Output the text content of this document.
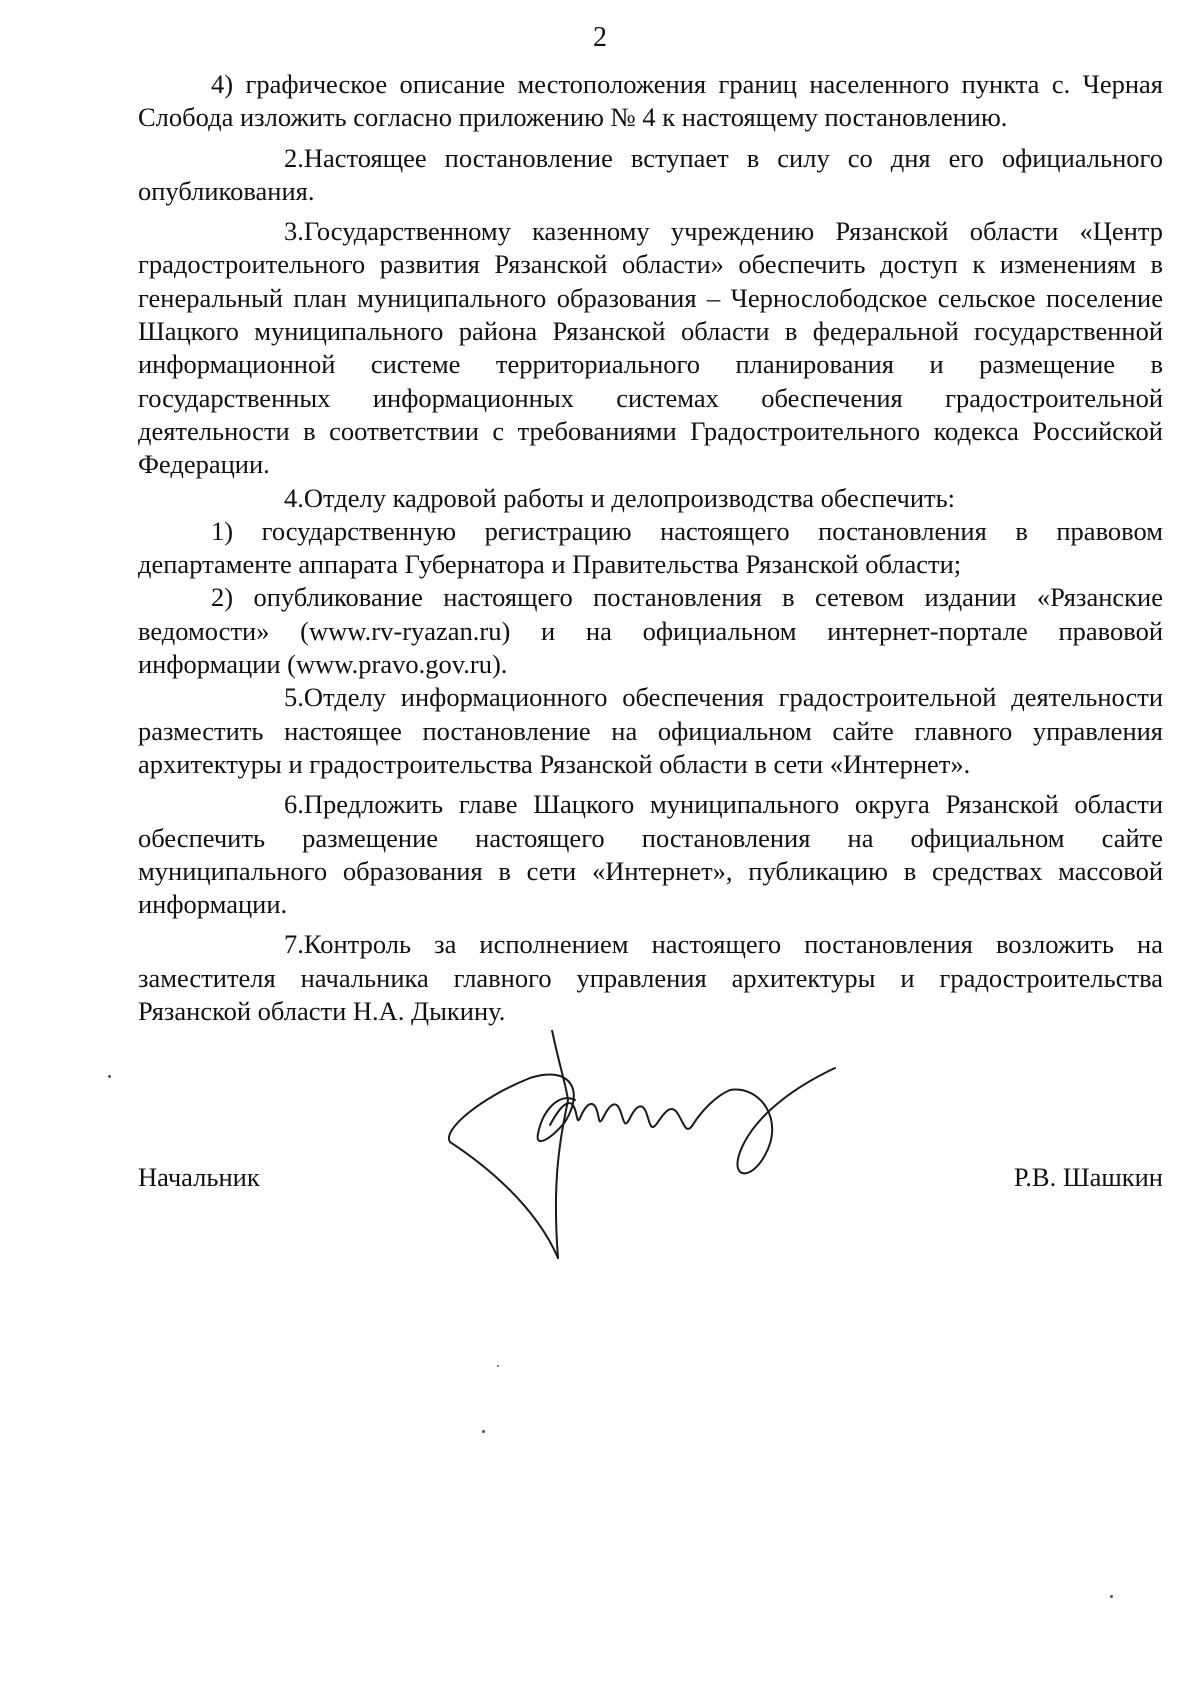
2

4) графическое описание местоположения границ населенного пункта с. Черная Слобода изложить согласно приложению № 4 к настоящему постановлению.

2.Настоящее постановление вступает в силу со дня его официального опубликования.

3.Государственному казенному учреждению Рязанской области «Центр градостроительного развития Рязанской области» обеспечить доступ к изменениям в генеральный план муниципального образования – Чернослободское сельское поселение Шацкого муниципального района Рязанской области в федеральной государственной информационной системе территориального планирования и размещение в государственных информационных системах обеспечения градостроительной деятельности в соответствии с требованиями Градостроительного кодекса Российской Федерации.

4.Отделу кадровой работы и делопроизводства обеспечить:

1) государственную регистрацию настоящего постановления в правовом департаменте аппарата Губернатора и Правительства Рязанской области;

2) опубликование настоящего постановления в сетевом издании «Рязанские ведомости» (www.rv-ryazan.ru) и на официальном интернет-портале правовой информации (www.pravo.gov.ru).

5.Отделу информационного обеспечения градостроительной деятельности разместить настоящее постановление на официальном сайте главного управления архитектуры и градостроительства Рязанской области в сети «Интернет».

6.Предложить главе Шацкого муниципального округа Рязанской области обеспечить размещение настоящего постановления на официальном сайте муниципального образования в сети «Интернет», публикацию в средствах массовой информации.

7.Контроль за исполнением настоящего постановления возложить на заместителя начальника главного управления архитектуры и градостроительства Рязанской области Н.А. Дыкину.

Начальник	Р.В. Шашкин
